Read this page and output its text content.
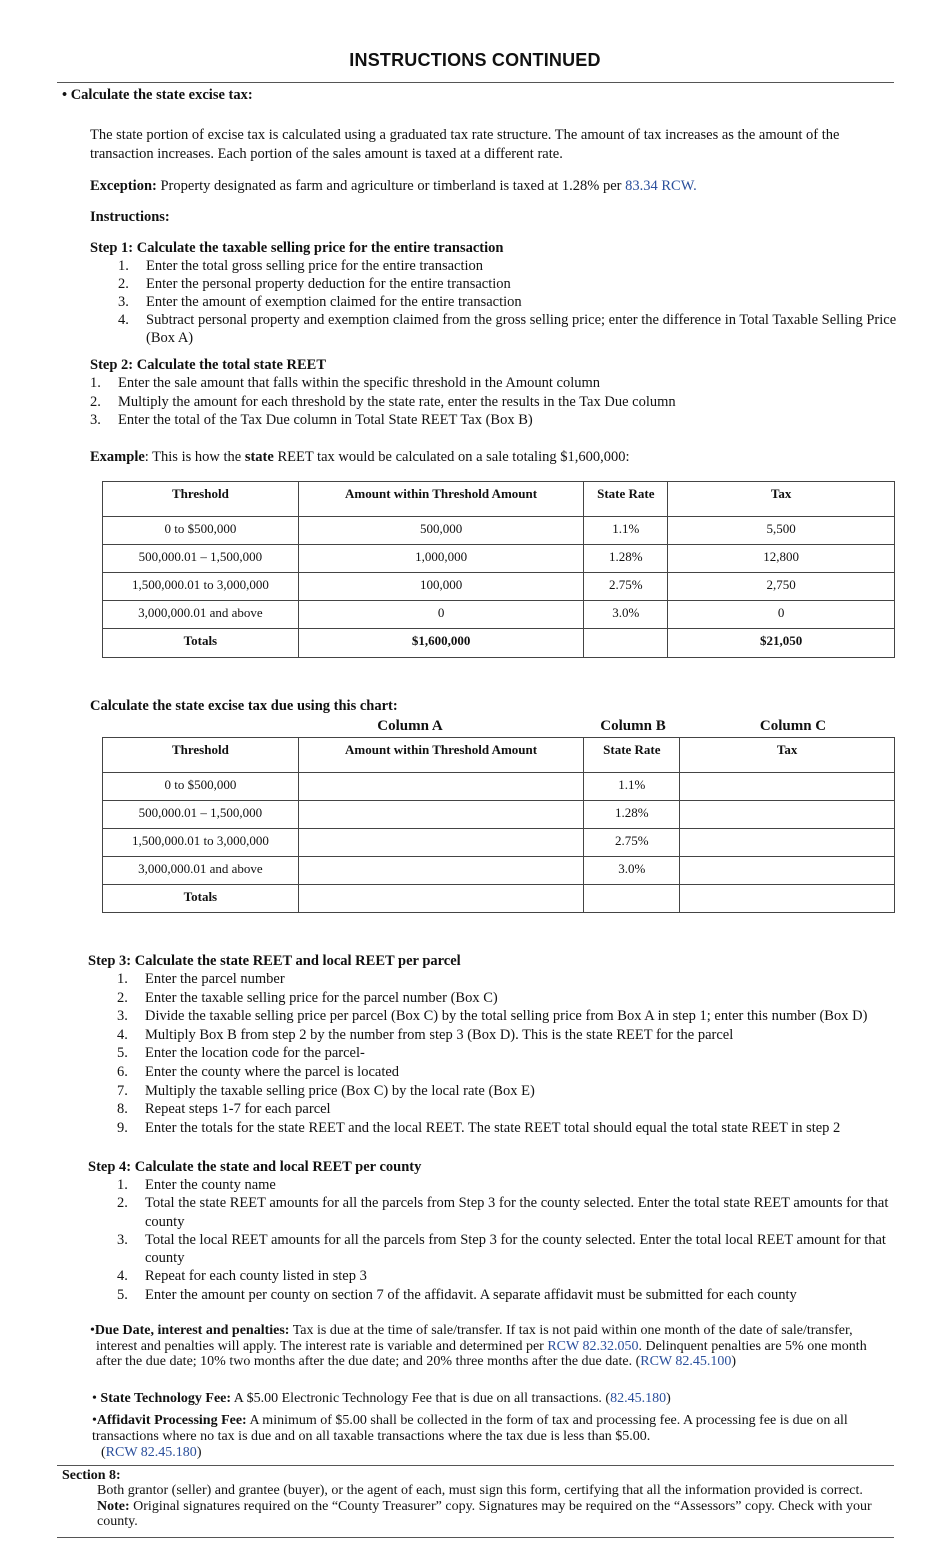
INSTRUCTIONS CONTINUED
• Calculate the state excise tax:
The state portion of excise tax is calculated using a graduated tax rate structure. The amount of tax increases as the amount of the transaction increases. Each portion of the sales amount is taxed at a different rate.
Exception: Property designated as farm and agriculture or timberland is taxed at 1.28% per 83.34 RCW.
Instructions:
Step 1: Calculate the taxable selling price for the entire transaction
1. Enter the total gross selling price for the entire transaction
2. Enter the personal property deduction for the entire transaction
3. Enter the amount of exemption claimed for the entire transaction
4. Subtract personal property and exemption claimed from the gross selling price; enter the difference in Total Taxable Selling Price (Box A)
Step 2: Calculate the total state REET
1. Enter the sale amount that falls within the specific threshold in the Amount column
2. Multiply the amount for each threshold by the state rate, enter the results in the Tax Due column
3. Enter the total of the Tax Due column in Total State REET Tax (Box B)
Example: This is how the state REET tax would be calculated on a sale totaling $1,600,000:
Threshold	Amount within Threshold Amount	State Rate	Tax
0 to $500,000	500,000	1.1%	5,500
500,000.01 – 1,500,000	1,000,000	1.28%	12,800
1,500,000.01 to 3,000,000	100,000	2.75%	2,750
3,000,000.01 and above	0	3.0%	0
Totals	$1,600,000		$21,050
Calculate the state excise tax due using this chart:
Column A	Column B	Column C
Threshold	Amount within Threshold Amount	State Rate	Tax
0 to $500,000		1.1%	
500,000.01 – 1,500,000		1.28%	
1,500,000.01 to 3,000,000		2.75%	
3,000,000.01 and above		3.0%	
Totals			
Step 3: Calculate the state REET and local REET per parcel
1. Enter the parcel number
2. Enter the taxable selling price for the parcel number (Box C)
3. Divide the taxable selling price per parcel (Box C) by the total selling price from Box A in step 1; enter this number (Box D)
4. Multiply Box B from step 2 by the number from step 3 (Box D). This is the state REET for the parcel
5. Enter the location code for the parcel-
6. Enter the county where the parcel is located
7. Multiply the taxable selling price (Box C) by the local rate (Box E)
8. Repeat steps 1-7 for each parcel
9. Enter the totals for the state REET and the local REET. The state REET total should equal the total state REET in step 2
Step 4: Calculate the state and local REET per county
1. Enter the county name
2. Total the state REET amounts for all the parcels from Step 3 for the county selected. Enter the total state REET amounts for that county
3. Total the local REET amounts for all the parcels from Step 3 for the county selected. Enter the total local REET amount for that county
4. Repeat for each county listed in step 3
5. Enter the amount per county on section 7 of the affidavit. A separate affidavit must be submitted for each county
•Due Date, interest and penalties: Tax is due at the time of sale/transfer. If tax is not paid within one month of the date of sale/transfer, interest and penalties will apply. The interest rate is variable and determined per RCW 82.32.050. Delinquent penalties are 5% one month after the due date; 10% two months after the due date; and 20% three months after the due date. (RCW 82.45.100)
• State Technology Fee: A $5.00 Electronic Technology Fee that is due on all transactions. (82.45.180)
•Affidavit Processing Fee: A minimum of $5.00 shall be collected in the form of tax and processing fee. A processing fee is due on all transactions where no tax is due and on all taxable transactions where the tax due is less than $5.00.
(RCW 82.45.180)
Section 8:
Both grantor (seller) and grantee (buyer), or the agent of each, must sign this form, certifying that all the information provided is correct. Note: Original signatures required on the “County Treasurer” copy. Signatures may be required on the “Assessors” copy. Check with your county.
